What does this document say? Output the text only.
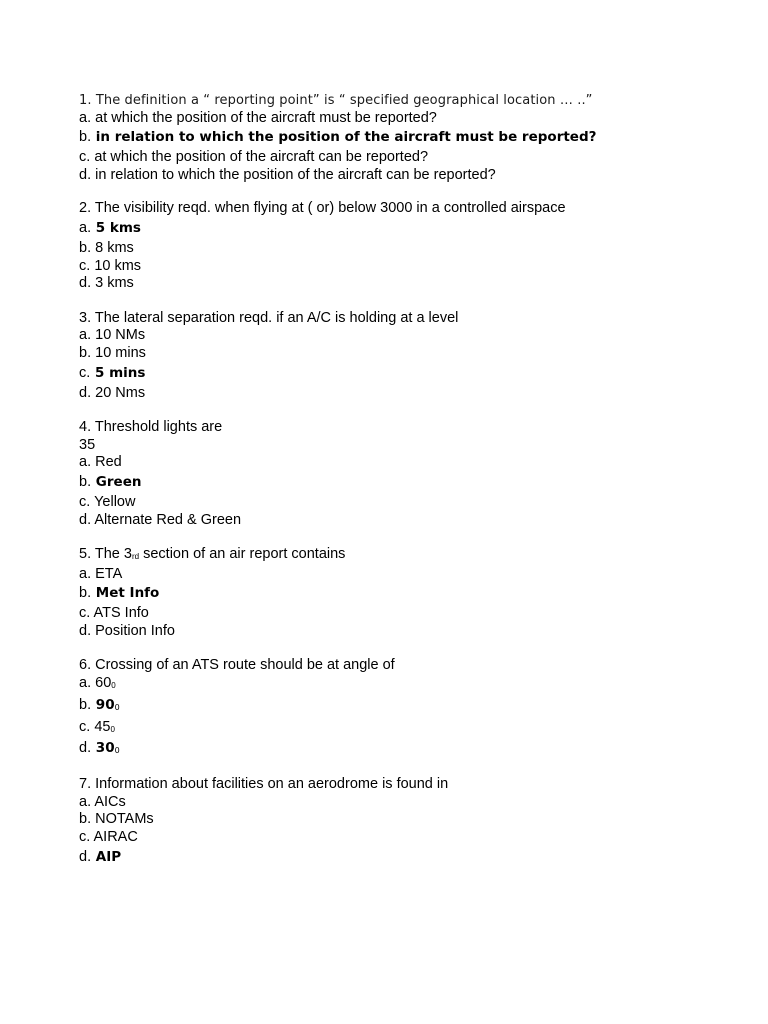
1. The definition a “ reporting point” is “ specified geographical location … ..”
a. at which the position of the aircraft must be reported?
b. in relation to which the position of the aircraft must be reported?
c. at which the position of the aircraft can be reported?
d. in relation to which the position of the aircraft can be reported?
2. The visibility reqd. when flying at ( or) below 3000 in a controlled airspace
a. 5 kms
b. 8 kms
c. 10 kms
d. 3 kms
3. The lateral separation reqd. if an A/C is holding at a level
a. 10 NMs
b. 10 mins
c. 5 mins
d. 20 Nms
4. Threshold lights are
35
a. Red
b. Green
c. Yellow
d. Alternate Red & Green
5. The 3rd section of an air report contains
a. ETA
b. Met Info
c. ATS Info
d. Position Info
6. Crossing of an ATS route should be at angle of
a. 600
b. 900
c. 450
d. 300
7. Information about facilities on an aerodrome is found in
a. AICs
b. NOTAMs
c. AIRAC
d. AIP
